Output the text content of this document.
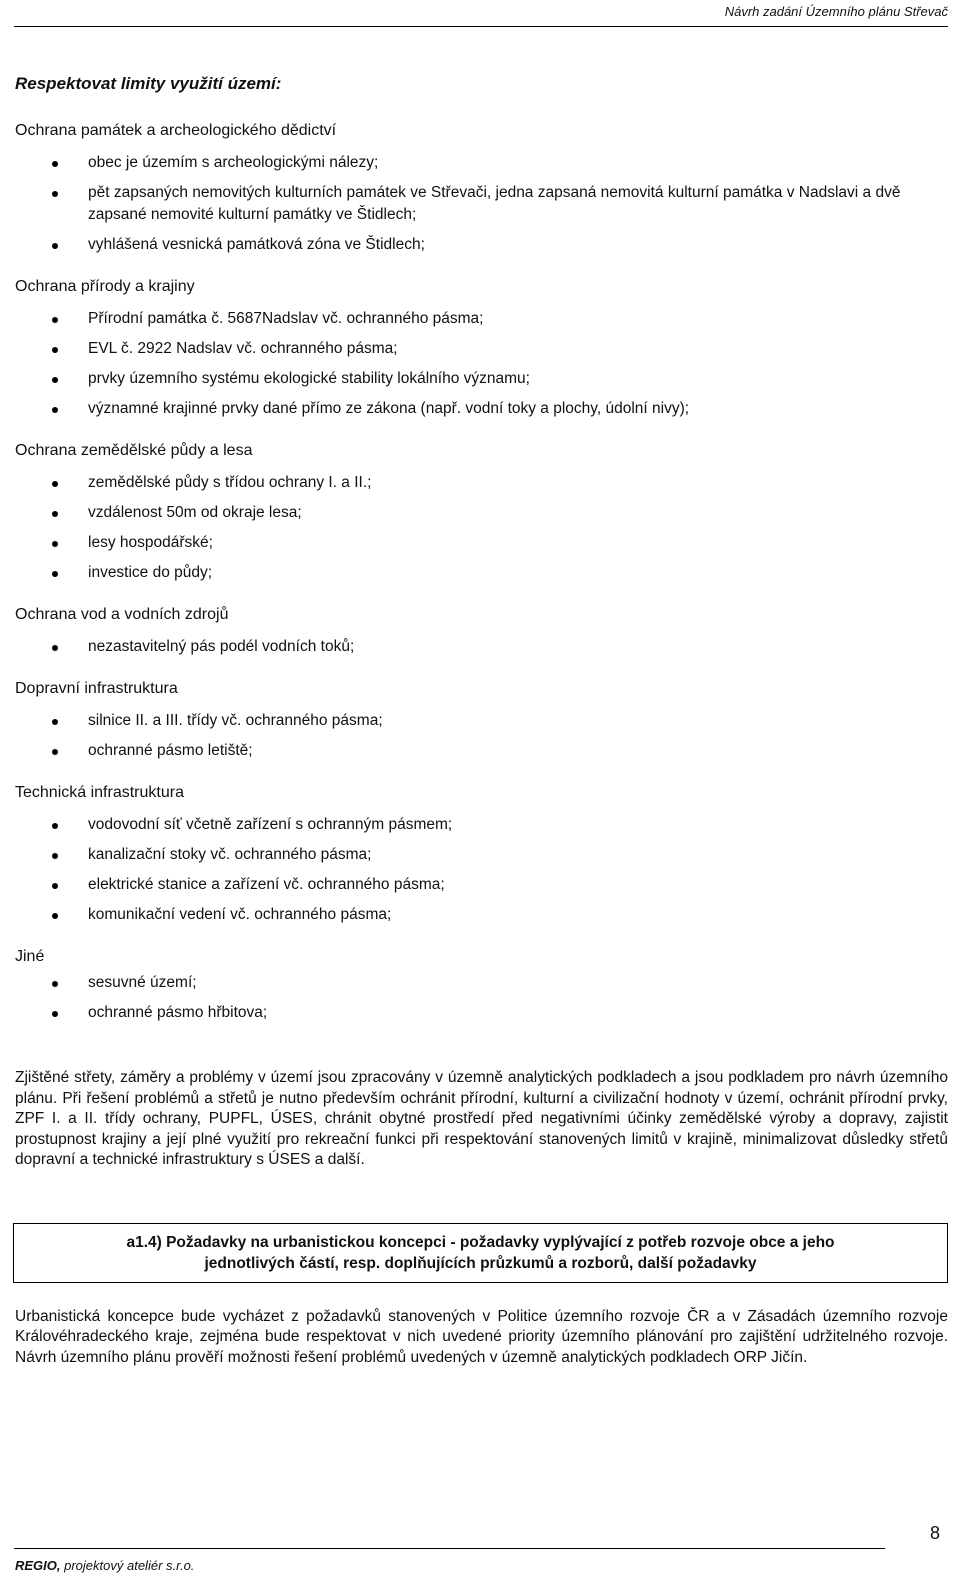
Návrh zadání Územního plánu Střevač
Respektovat limity využití území:
Ochrana památek a archeologického dědictví
obec je územím s archeologickými nálezy;
pět zapsaných nemovitých kulturních památek ve Střevači, jedna zapsaná nemovitá kulturní památka v Nadslavi a dvě zapsané nemovité kulturní památky ve Štidlech;
vyhlášená vesnická památková zóna ve Štidlech;
Ochrana přírody a krajiny
Přírodní památka č. 5687Nadslav vč. ochranného pásma;
EVL č. 2922 Nadslav vč. ochranného pásma;
prvky územního systému ekologické stability lokálního významu;
významné krajinné prvky dané přímo ze zákona (např. vodní toky a plochy, údolní nivy);
Ochrana zemědělské půdy a lesa
zemědělské půdy s třídou ochrany I. a II.;
vzdálenost 50m od okraje lesa;
lesy hospodářské;
investice do půdy;
Ochrana vod a vodních zdrojů
nezastavitelný pás podél vodních toků;
Dopravní infrastruktura
silnice II. a III. třídy vč. ochranného pásma;
ochranné pásmo letiště;
Technická infrastruktura
vodovodní síť včetně zařízení s ochranným pásmem;
kanalizační stoky vč. ochranného pásma;
elektrické stanice a zařízení vč. ochranného pásma;
komunikační vedení vč. ochranného pásma;
Jiné
sesuvné území;
ochranné pásmo hřbitova;

Zjištěné střety, záměry a problémy v území jsou zpracovány v územně analytických podkladech a jsou podkladem pro návrh územního plánu. Při řešení problémů a střetů je nutno především ochránit přírodní, kulturní a civilizační hodnoty v území, ochránit přírodní prvky, ZPF I. a II. třídy ochrany, PUPFL, ÚSES, chránit obytné prostředí před negativními účinky zemědělské výroby a dopravy, zajistit prostupnost krajiny a její plné využití pro rekreační funkci při respektování stanovených limitů v krajině, minimalizovat důsledky střetů dopravní a technické infrastruktury s ÚSES a další.

a1.4) Požadavky na urbanistickou koncepci - požadavky vyplývající z potřeb rozvoje obce a jeho
jednotlivých částí, resp. doplňujících průzkumů a rozborů, další požadavky

Urbanistická koncepce bude vycházet z požadavků stanovených v Politice územního rozvoje ČR a v Zásadách územního rozvoje Královéhradeckého kraje, zejména bude respektovat v nich uvedené priority územního plánování pro zajištění udržitelného rozvoje. Návrh územního plánu prověří možnosti řešení problémů uvedených v územně analytických podkladech ORP Jičín.

8
REGIO, projektový ateliér s.r.o.
